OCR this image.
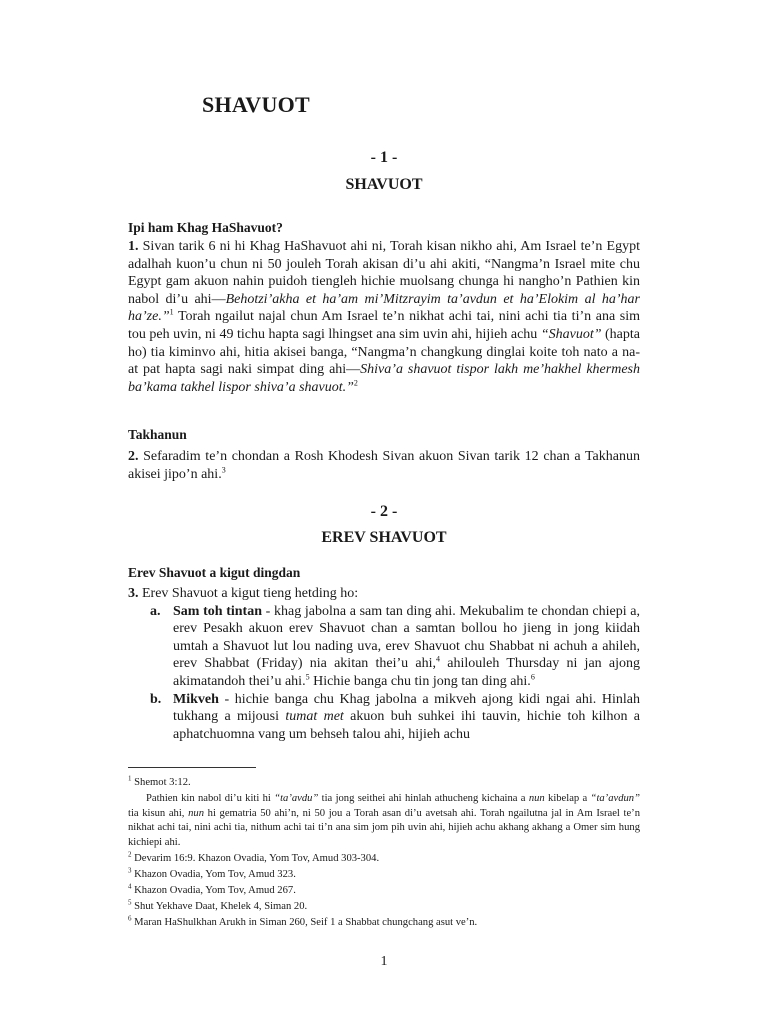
SHAVUOT
- 1 -
SHAVUOT
Ipi ham Khag HaShavuot?

1. Sivan tarik 6 ni hi Khag HaShavuot ahi ni, Torah kisan nikho ahi, Am Israel te’n Egypt adalhah kuon’u chun ni 50 jouleh Torah akisan di’u ahi akiti, “Nangma’n Israel mite chu Egypt gam akuon nahin puidoh tiengleh hichie muolsang chunga hi nangho’n Pathien kin nabol di’u ahi—Behotzi’akha et ha’am mi’Mitzrayim ta’avdun et ha’Elokim al ha’har ha’ze.”$^1$ Torah ngailut najal chun Am Israel te’n nikhat achi tai, nini achi tia ti’n ana sim tou peh uvin, ni 49 tichu hapta sagi lhingset ana sim uvin ahi, hijieh achu “Shavuot” (hapta ho) tia kiminvo ahi, hitia akisei banga, “Nangma’n changkung dinglai koite toh nato a na-at pat hapta sagi naki simpat ding ahi—Shiva’a shavuot tispor lakh me’hakhel khermesh ba’kama takhel lispor shiva’a shavuot.”$^2$

Takhanun

2. Sefaradim te’n chondan a Rosh Khodesh Sivan akuon Sivan tarik 12 chan a Takhanun akisei jipo’n ahi.$^3$

- 2 -
EREV SHAVUOT
Erev Shavuot a kigut dingdan

3. Erev Shavuot a kigut tieng hetding ho:

a. Sam toh tintan - khag jabolna a sam tan ding ahi. Mekubalim te chondan chiepi a, erev Pesakh akuon erev Shavuot chan a samtan bollou ho jieng in jong kiidah umtah a Shavuot lut lou nading uva, erev Shavuot chu Shabbat ni achuh a ahileh, erev Shabbat (Friday) nia akitan thei’u ahi,$^4$ ahilouleh Thursday ni jan ajong akimatandoh thei’u ahi.$^5$ Hichie banga chu tin jong tan ding ahi.$^6$
b. Mikveh - hichie banga chu Khag jabolna a mikveh ajong kidi ngai ahi. Hinlah tukhang a mijousi tumat met akuon buh suhkei ihi tauvin, hichie toh kilhon a aphatchuomna vang um behseh talou ahi, hijieh achu

$^1$ Shemot 3:12.

Pathien kin nabol di’u kiti hi “ta’avdu” tia jong seithei ahi hinlah athucheng kichaina a nun kibelap a “ta’avdun” tia kisun ahi, nun hi gematria 50 ahi’n, ni 50 jou a Torah asan di’u avetsah ahi. Torah ngailutna jal in Am Israel te’n nikhat achi tai, nini achi tia, nithum achi tai ti’n ana sim jom pih uvin ahi, hijieh achu akhang akhang a Omer sim hung kichiepi ahi.

$^2$ Devarim 16:9. Khazon Ovadia, Yom Tov, Amud 303-304.

$^3$ Khazon Ovadia, Yom Tov, Amud 323.

$^4$ Khazon Ovadia, Yom Tov, Amud 267.

$^5$ Shut Yekhave Daat, Khelek 4, Siman 20.

$^6$ Maran HaShulkhan Arukh in Siman 260, Seif 1 a Shabbat chungchang asut ve’n.

1
